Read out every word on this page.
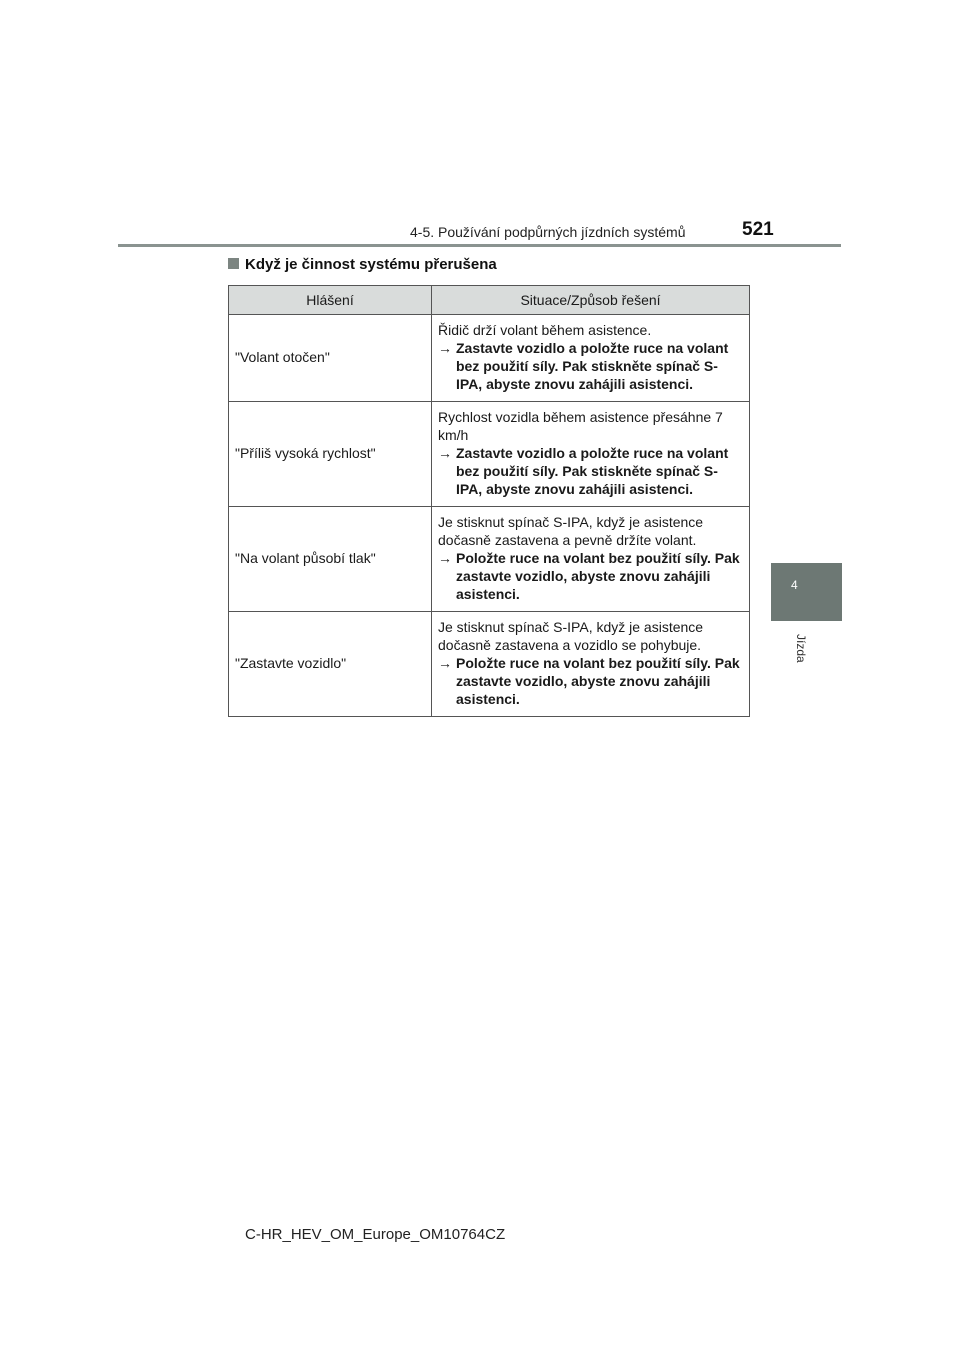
4-5. Používání podpůrných jízdních systémů	521
4
Jízda
Když je činnost systému přerušena
Hlášení	Situace/Způsob řešení
"Volant otočen"	Řidič drží volant během asistence.
→ Zastavte vozidlo a položte ruce na volant bez použití síly. Pak stiskněte spínač S-IPA, abyste znovu zahájili asistenci.

"Příliš vysoká rychlost"	Rychlost vozidla během asistence přesáhne 7 km/h
→ Zastavte vozidlo a položte ruce na volant bez použití síly. Pak stiskněte spínač S-IPA, abyste znovu zahájili asistenci.

"Na volant působí tlak"	Je stisknut spínač S-IPA, když je asistence dočasně zastavena a pevně držíte volant.
→ Položte ruce na volant bez použití síly. Pak zastavte vozidlo, abyste znovu zahájili asistenci.

"Zastavte vozidlo"	Je stisknut spínač S-IPA, když je asistence dočasně zastavena a vozidlo se pohybuje.
→ Položte ruce na volant bez použití síly. Pak zastavte vozidlo, abyste znovu zahájili asistenci.
C-HR_HEV_OM_Europe_OM10764CZ
